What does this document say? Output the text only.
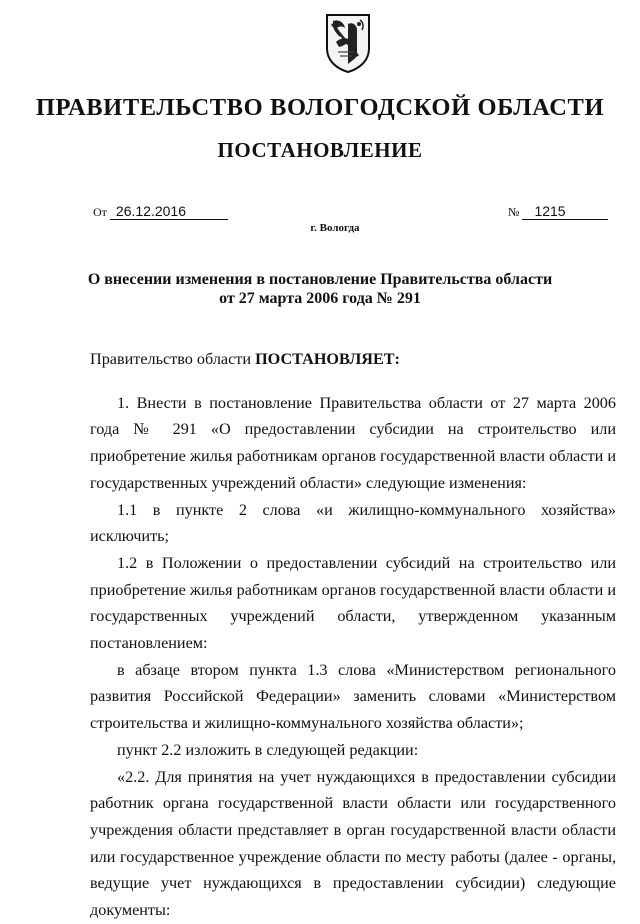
ПРАВИТЕЛЬСТВО ВОЛОГОДСКОЙ ОБЛАСТИ
ПОСТАНОВЛЕНИЕ
От 26.12.2016	№ 1215
г. Вологда
О внесении изменения в постановление Правительства области
от 27 марта 2006 года № 291

Правительство области ПОСТАНОВЛЯЕТ:

1. Внести в постановление Правительства области от 27 марта 2006 года № 291 «О предоставлении субсидии на строительство или приобретение жилья работникам органов государственной власти области и государственных учреждений области» следующие изменения:

1.1 в пункте 2 слова «и жилищно-коммунального хозяйства» исключить;

1.2 в Положении о предоставлении субсидий на строительство или приобретение жилья работникам органов государственной власти области и государственных учреждений области, утвержденном указанным постановлением:

в абзаце втором пункта 1.3 слова «Министерством регионального развития Российской Федерации» заменить словами «Министерством строительства и жилищно-коммунального хозяйства области»;

пункт 2.2 изложить в следующей редакции:

«2.2. Для принятия на учет нуждающихся в предоставлении субсидии работник органа государственной власти области или государственного учреждения области представляет в орган государственной власти области или государственное учреждение области по месту работы (далее - органы, ведущие учет нуждающихся в предоставлении субсидии) следующие документы:
